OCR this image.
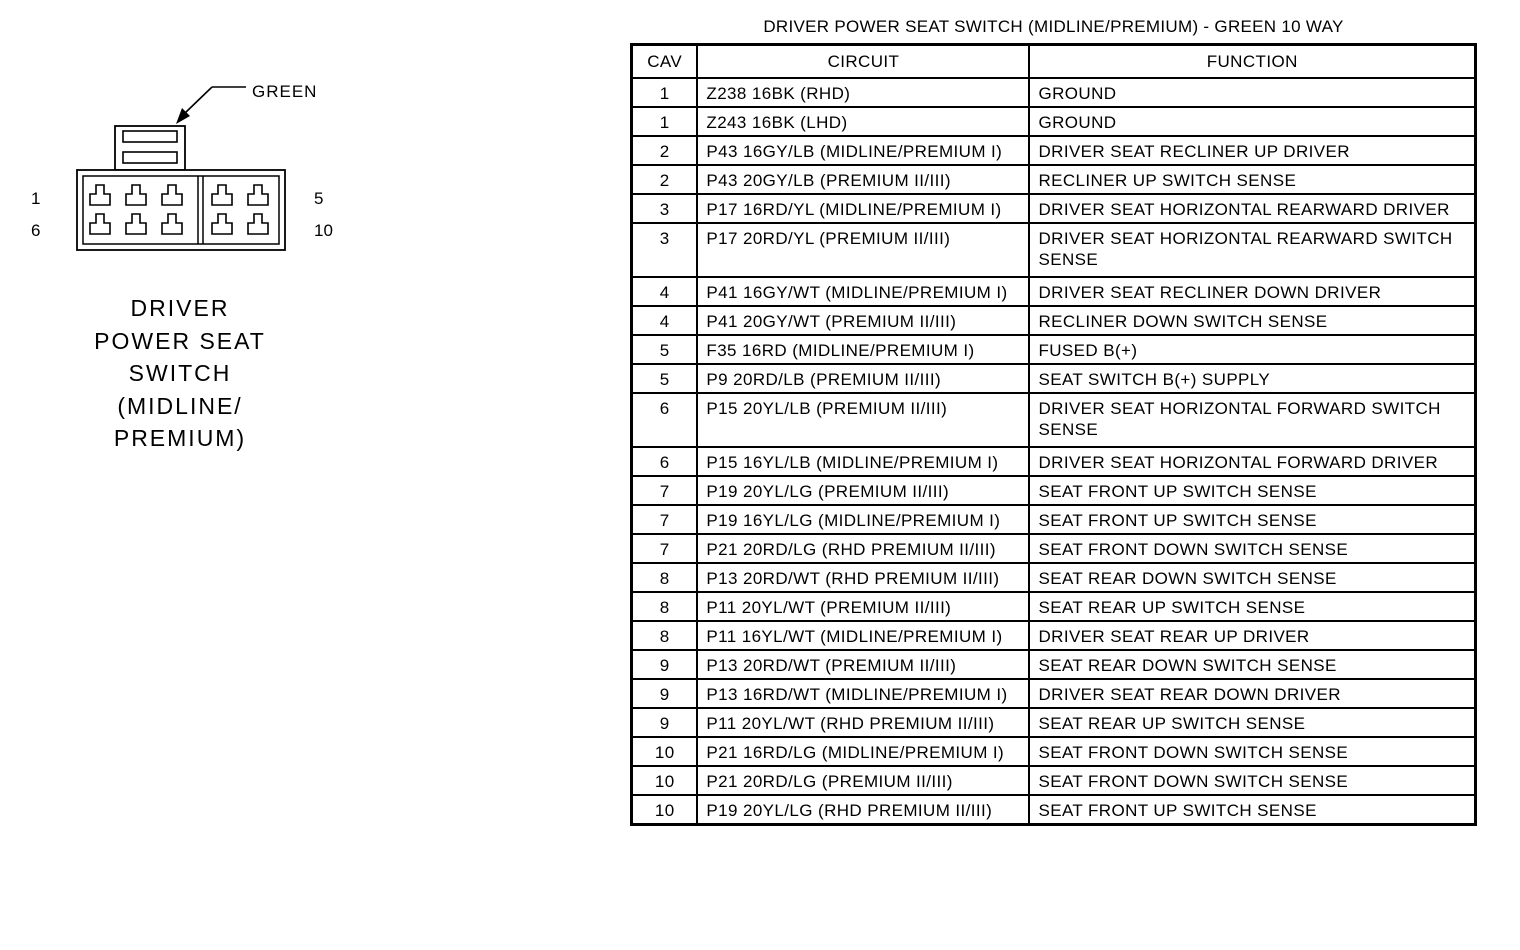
GREEN
1	5
6	10
DRIVER
POWER SEAT
SWITCH
(MIDLINE/
PREMIUM)
DRIVER POWER SEAT SWITCH (MIDLINE/PREMIUM) - GREEN 10 WAY
CAV	CIRCUIT	FUNCTION
1	Z238 16BK (RHD)	GROUND
1	Z243 16BK (LHD)	GROUND
2	P43 16GY/LB (MIDLINE/PREMIUM I)	DRIVER SEAT RECLINER UP DRIVER
2	P43 20GY/LB (PREMIUM II/III)	RECLINER UP SWITCH SENSE
3	P17 16RD/YL (MIDLINE/PREMIUM I)	DRIVER SEAT HORIZONTAL REARWARD DRIVER
3	P17 20RD/YL (PREMIUM II/III)	DRIVER SEAT HORIZONTAL REARWARD SWITCH SENSE
4	P41 16GY/WT (MIDLINE/PREMIUM I)	DRIVER SEAT RECLINER DOWN DRIVER
4	P41 20GY/WT (PREMIUM II/III)	RECLINER DOWN SWITCH SENSE
5	F35 16RD (MIDLINE/PREMIUM I)	FUSED B(+)
5	P9 20RD/LB (PREMIUM II/III)	SEAT SWITCH B(+) SUPPLY
6	P15 20YL/LB (PREMIUM II/III)	DRIVER SEAT HORIZONTAL FORWARD SWITCH SENSE
6	P15 16YL/LB (MIDLINE/PREMIUM I)	DRIVER SEAT HORIZONTAL FORWARD DRIVER
7	P19 20YL/LG (PREMIUM II/III)	SEAT FRONT UP SWITCH SENSE
7	P19 16YL/LG (MIDLINE/PREMIUM I)	SEAT FRONT UP SWITCH SENSE
7	P21 20RD/LG (RHD PREMIUM II/III)	SEAT FRONT DOWN SWITCH SENSE
8	P13 20RD/WT (RHD PREMIUM II/III)	SEAT REAR DOWN SWITCH SENSE
8	P11 20YL/WT (PREMIUM II/III)	SEAT REAR UP SWITCH SENSE
8	P11 16YL/WT (MIDLINE/PREMIUM I)	DRIVER SEAT REAR UP DRIVER
9	P13 20RD/WT (PREMIUM II/III)	SEAT REAR DOWN SWITCH SENSE
9	P13 16RD/WT (MIDLINE/PREMIUM I)	DRIVER SEAT REAR DOWN DRIVER
9	P11 20YL/WT (RHD PREMIUM II/III)	SEAT REAR UP SWITCH SENSE
10	P21 16RD/LG (MIDLINE/PREMIUM I)	SEAT FRONT DOWN SWITCH SENSE
10	P21 20RD/LG (PREMIUM II/III)	SEAT FRONT DOWN SWITCH SENSE
10	P19 20YL/LG (RHD PREMIUM II/III)	SEAT FRONT UP SWITCH SENSE
